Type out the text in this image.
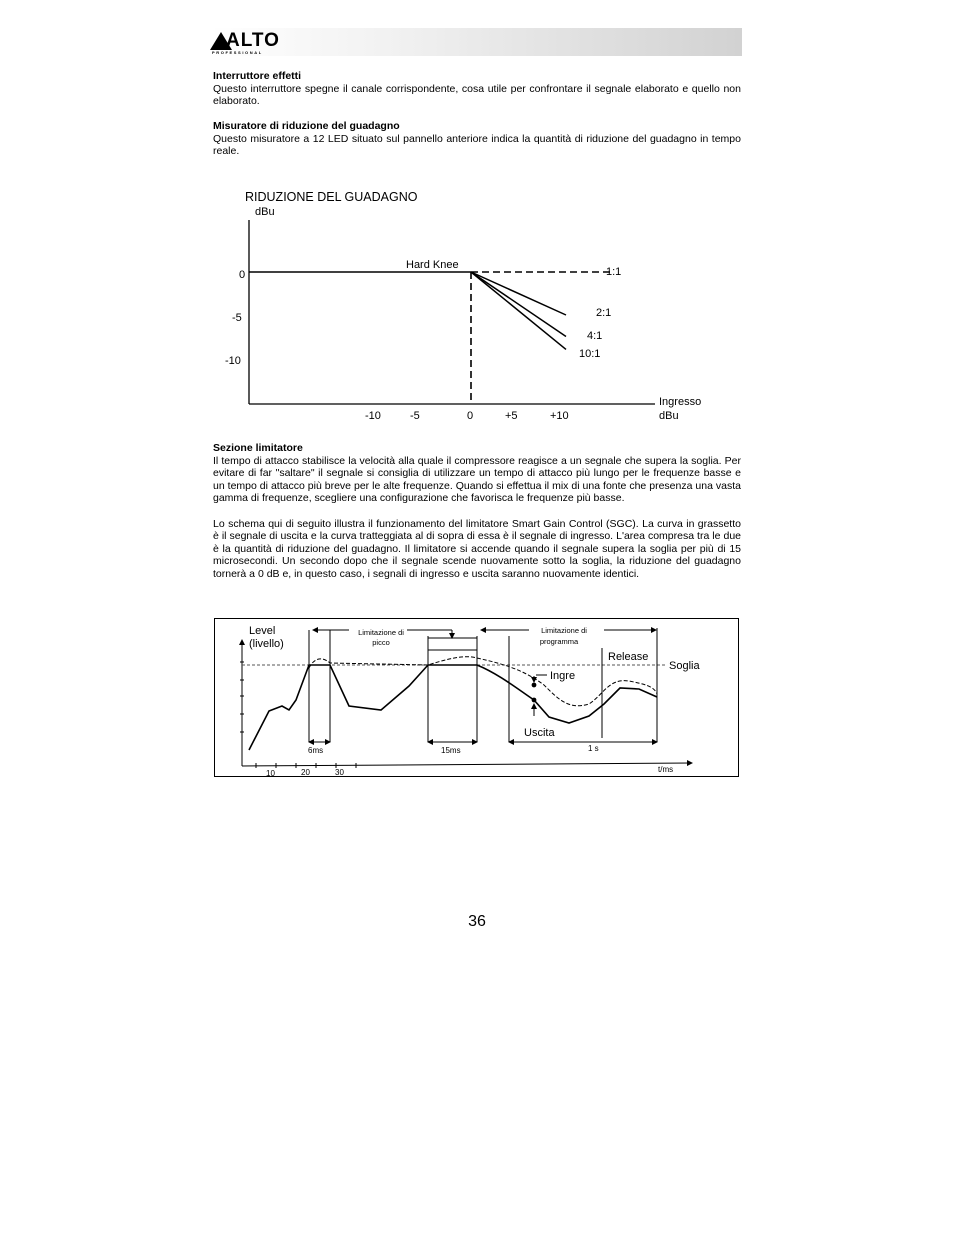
ALTO
PROFESSIONAL
Interruttore effetti

Questo interruttore spegne il canale corrispondente, cosa utile per confrontare il segnale elaborato e quello non elaborato.

Misuratore di riduzione del guadagno

Questo misuratore a 12 LED situato sul pannello anteriore indica la quantità di riduzione del guadagno in tempo reale.

RIDUZIONE DEL GUADAGNO
dBu
0
-5
-10
-10	-5	0	+5	+10
Ingresso
dBu
Hard Knee
1:1
2:1
4:1
10:1
Sezione limitatore

Il tempo di attacco stabilisce la velocità alla quale il compressore reagisce a un segnale che supera la soglia. Per evitare di far "saltare" il segnale si consiglia di utilizzare un tempo di attacco più lungo per le frequenze basse e un tempo di attacco più breve per le alte frequenze. Quando si effettua il mix di una fonte che presenza una vasta gamma di frequenze, scegliere una configurazione che favorisca le frequenze più basse.

Lo schema qui di seguito illustra il funzionamento del limitatore Smart Gain Control (SGC). La curva in grassetto è il segnale di uscita e la curva tratteggiata al di sopra di essa è il segnale di ingresso. L'area compresa tra le due è la quantità di riduzione del guadagno. Il limitatore si accende quando il segnale supera la soglia per più di 15 microsecondi. Un secondo dopo che il segnale scende nuovamente sotto la soglia, la riduzione del guadagno tornerà a 0 dB e, in questo caso, i segnali di ingresso e uscita saranno nuovamente identici.

10	20	30	t/ms
Level
(livello)
Soglia
Limitazione di
picco
Limitazione di
programma
Release
Ingre
Uscita
6ms	15ms	1 s
36
